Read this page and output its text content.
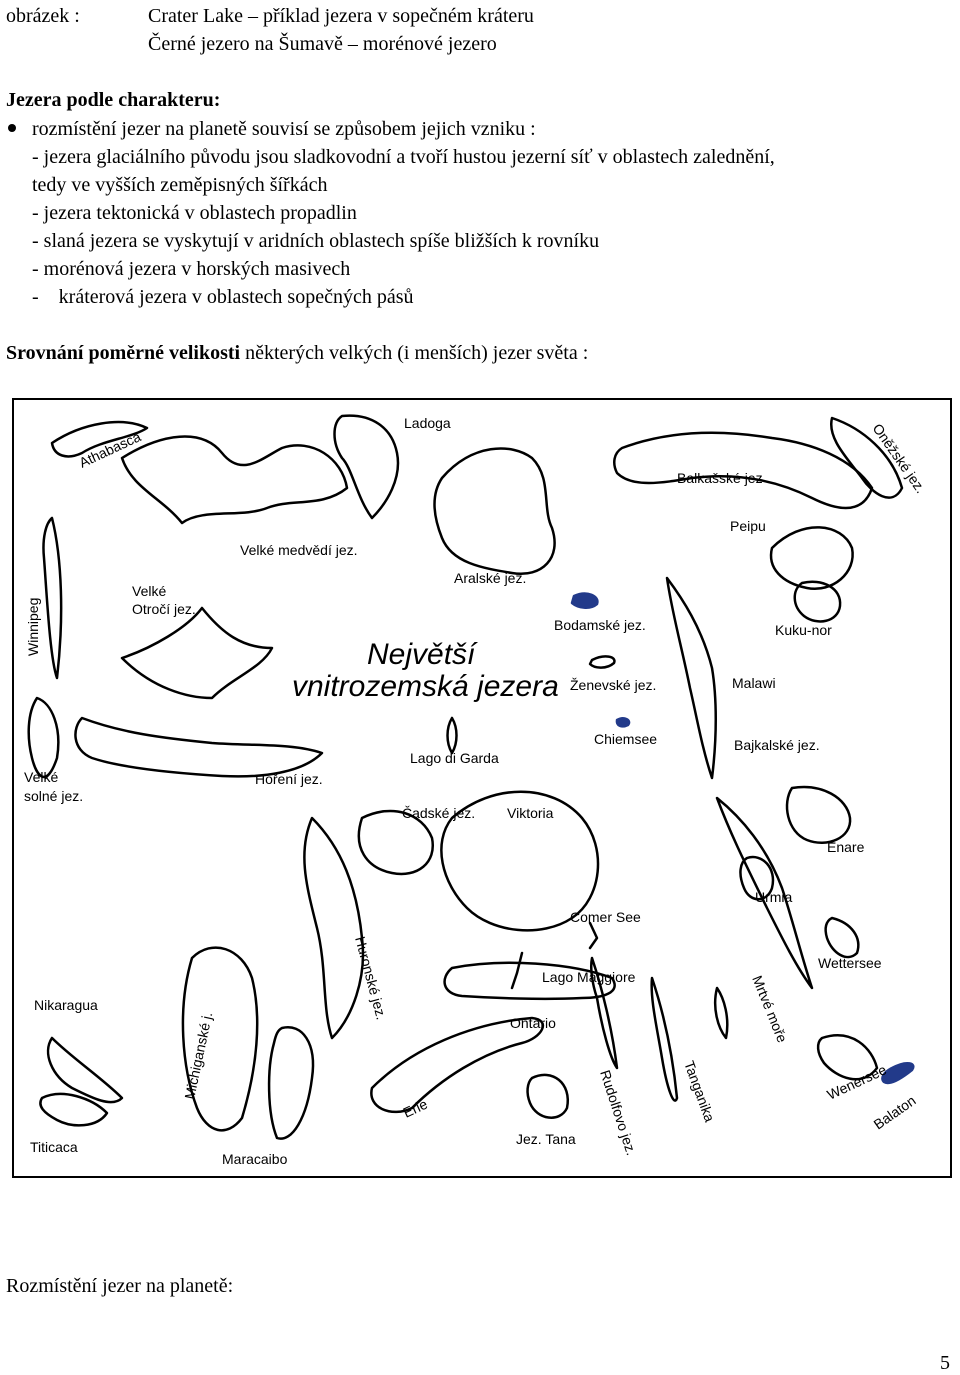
obrázek :	Crater Lake – příklad jezera v sopečném kráteru
Černé jezero na Šumavě – morénové jezero
Jezera podle charakteru:
rozmístění jezer na planetě souvisí se způsobem jejich vzniku :
- jezera glaciálního původu jsou sladkovodní a tvoří hustou jezerní síť v oblastech zalednění,
tedy ve vyšších zeměpisných šířkách
- jezera tektonická v oblastech propadlin
- slaná jezera se vyskytují v aridních oblastech spíše bližších k rovníku
- morénová jezera v horských masivech
-    kráterová jezera v oblastech sopečných pásů
Srovnání poměrné velikosti některých velkých (i menších) jezer světa :
Největší
vnitrozemská jezera
Athabasca
Ladoga	Oněžské jez.
Balkašské jez
Peipu
Velké medvědí jez.
Aralské jez.
Velké
Otročí jez.
Winnipeg	Bodamské jez.	Kuku-nor
Ženevské jez.	Malawi
Chiemsee	Bajkalské jez.
Lago di Garda
Velké
solné jez.
Hoření jez.
Čadské jez. Viktoria
Enare
Urmia
Comer See
Huronské jez.	Wettersee
Lago Maggiore	Mrtvé moře
Nikaragua
Ontario
Michiganské j.	Wenersee
Tanganika
Rudolfovo jez.
Erie	Balaton
Titicaca
Maracaibo
Jez. Tana
Rozmístění jezer na planetě:
5
